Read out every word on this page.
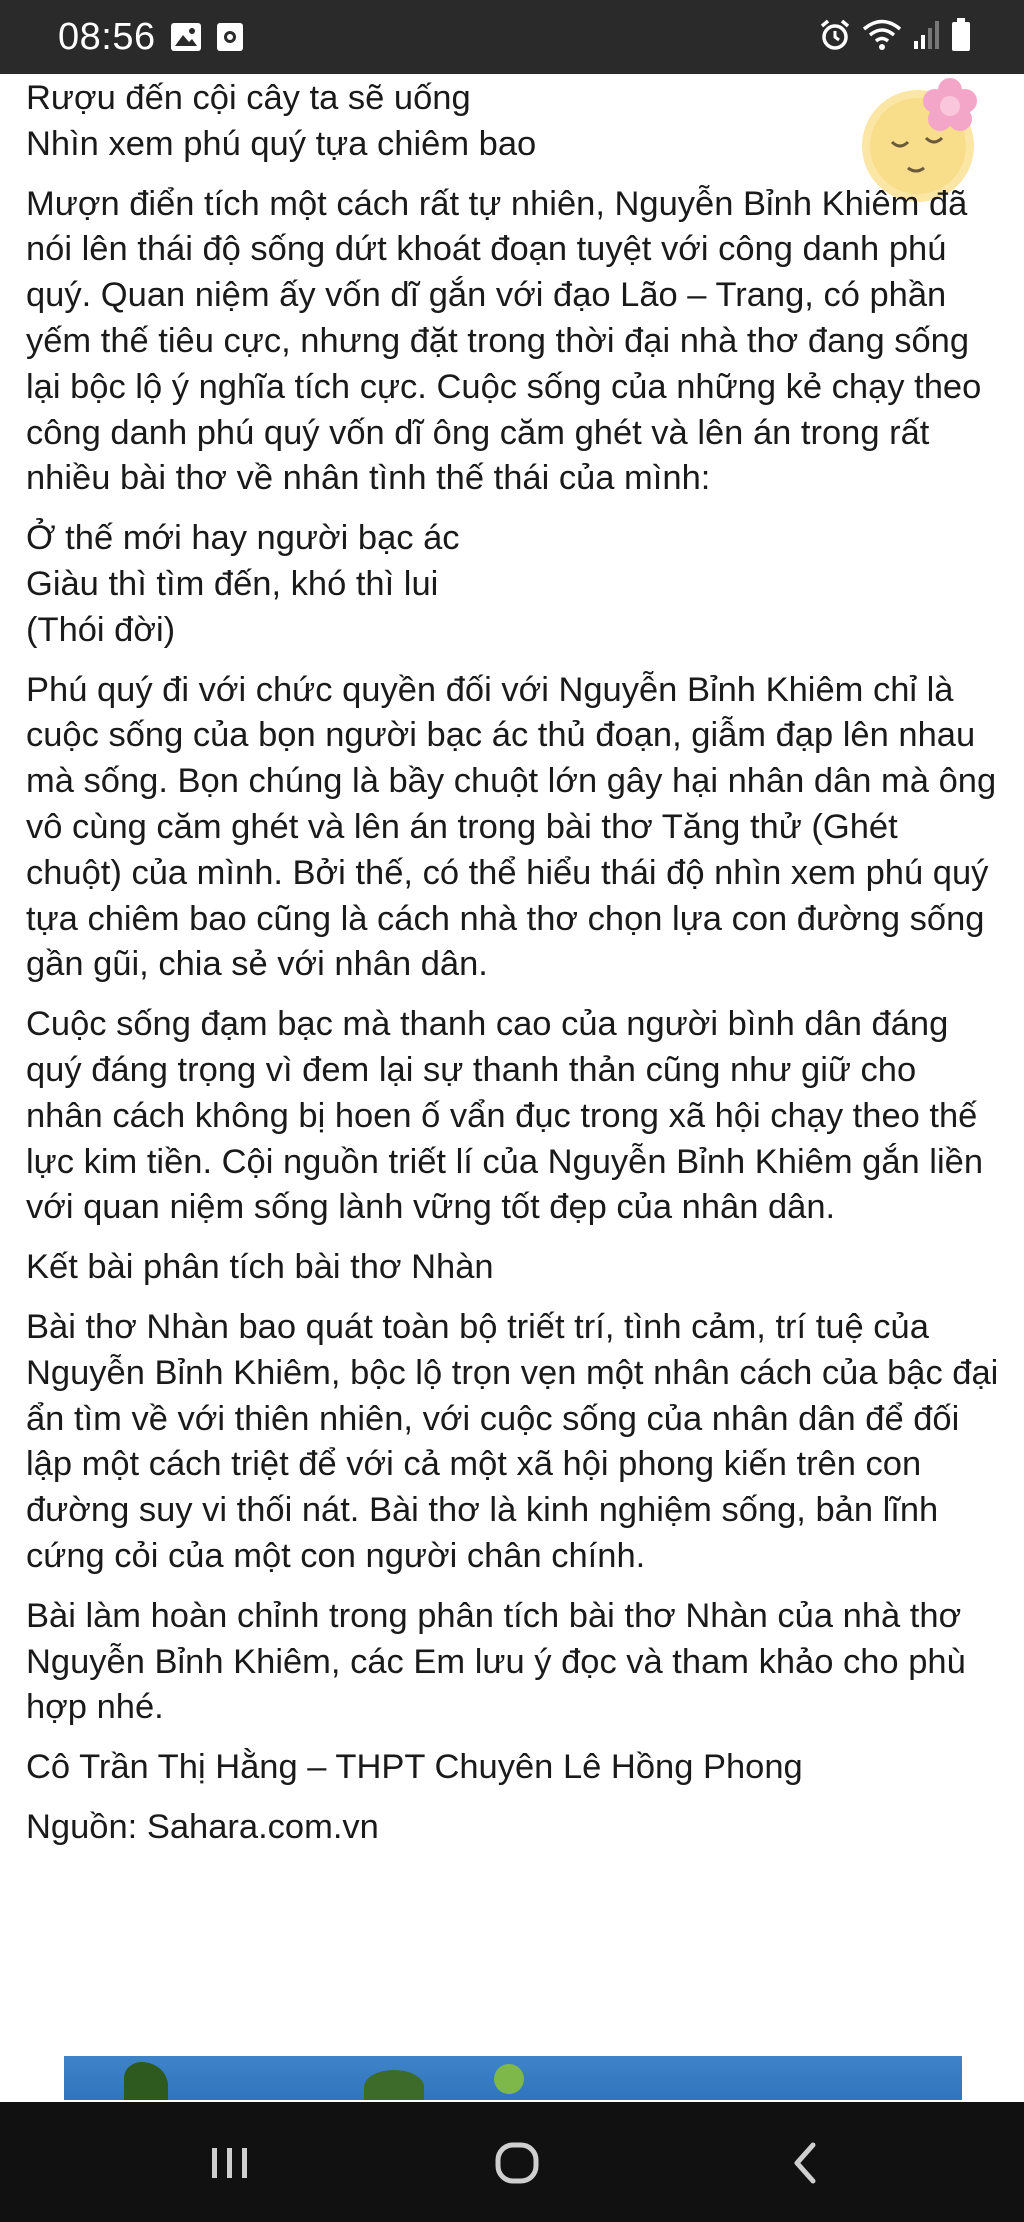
08:56

Rượu đến cội cây ta sẽ uống
Nhìn xem phú quý tựa chiêm bao

Mượn điển tích một cách rất tự nhiên, Nguyễn Bỉnh Khiêm đã nói lên thái độ sống dứt khoát đoạn tuyệt với công danh phú quý. Quan niệm ấy vốn dĩ gắn với đạo Lão – Trang, có phần yếm thế tiêu cực, nhưng đặt trong thời đại nhà thơ đang sống lại bộc lộ ý nghĩa tích cực. Cuộc sống của những kẻ chạy theo công danh phú quý vốn dĩ ông căm ghét và lên án trong rất nhiều bài thơ về nhân tình thế thái của mình:

Ở thế mới hay người bạc ác
Giàu thì tìm đến, khó thì lui
(Thói đời)

Phú quý đi với chức quyền đối với Nguyễn Bỉnh Khiêm chỉ là cuộc sống của bọn người bạc ác thủ đoạn, giẫm đạp lên nhau mà sống. Bọn chúng là bầy chuột lớn gây hại nhân dân mà ông vô cùng căm ghét và lên án trong bài thơ Tăng thử (Ghét chuột) của mình. Bởi thế, có thể hiểu thái độ nhìn xem phú quý tựa chiêm bao cũng là cách nhà thơ chọn lựa con đường sống gần gũi, chia sẻ với nhân dân.

Cuộc sống đạm bạc mà thanh cao của người bình dân đáng quý đáng trọng vì đem lại sự thanh thản cũng như giữ cho nhân cách không bị hoen ố vẩn đục trong xã hội chạy theo thế lực kim tiền. Cội nguồn triết lí của Nguyễn Bỉnh Khiêm gắn liền với quan niệm sống lành vững tốt đẹp của nhân dân.

Kết bài phân tích bài thơ Nhàn

Bài thơ Nhàn bao quát toàn bộ triết trí, tình cảm, trí tuệ của Nguyễn Bỉnh Khiêm, bộc lộ trọn vẹn một nhân cách của bậc đại ẩn tìm về với thiên nhiên, với cuộc sống của nhân dân để đối lập một cách triệt để với cả một xã hội phong kiến trên con đường suy vi thối nát. Bài thơ là kinh nghiệm sống, bản lĩnh cứng cỏi của một con người chân chính.

Bài làm hoàn chỉnh trong phân tích bài thơ Nhàn của nhà thơ Nguyễn Bỉnh Khiêm, các Em lưu ý đọc và tham khảo cho phù hợp nhé.

Cô Trần Thị Hằng – THPT Chuyên Lê Hồng Phong

Nguồn: Sahara.com.vn
